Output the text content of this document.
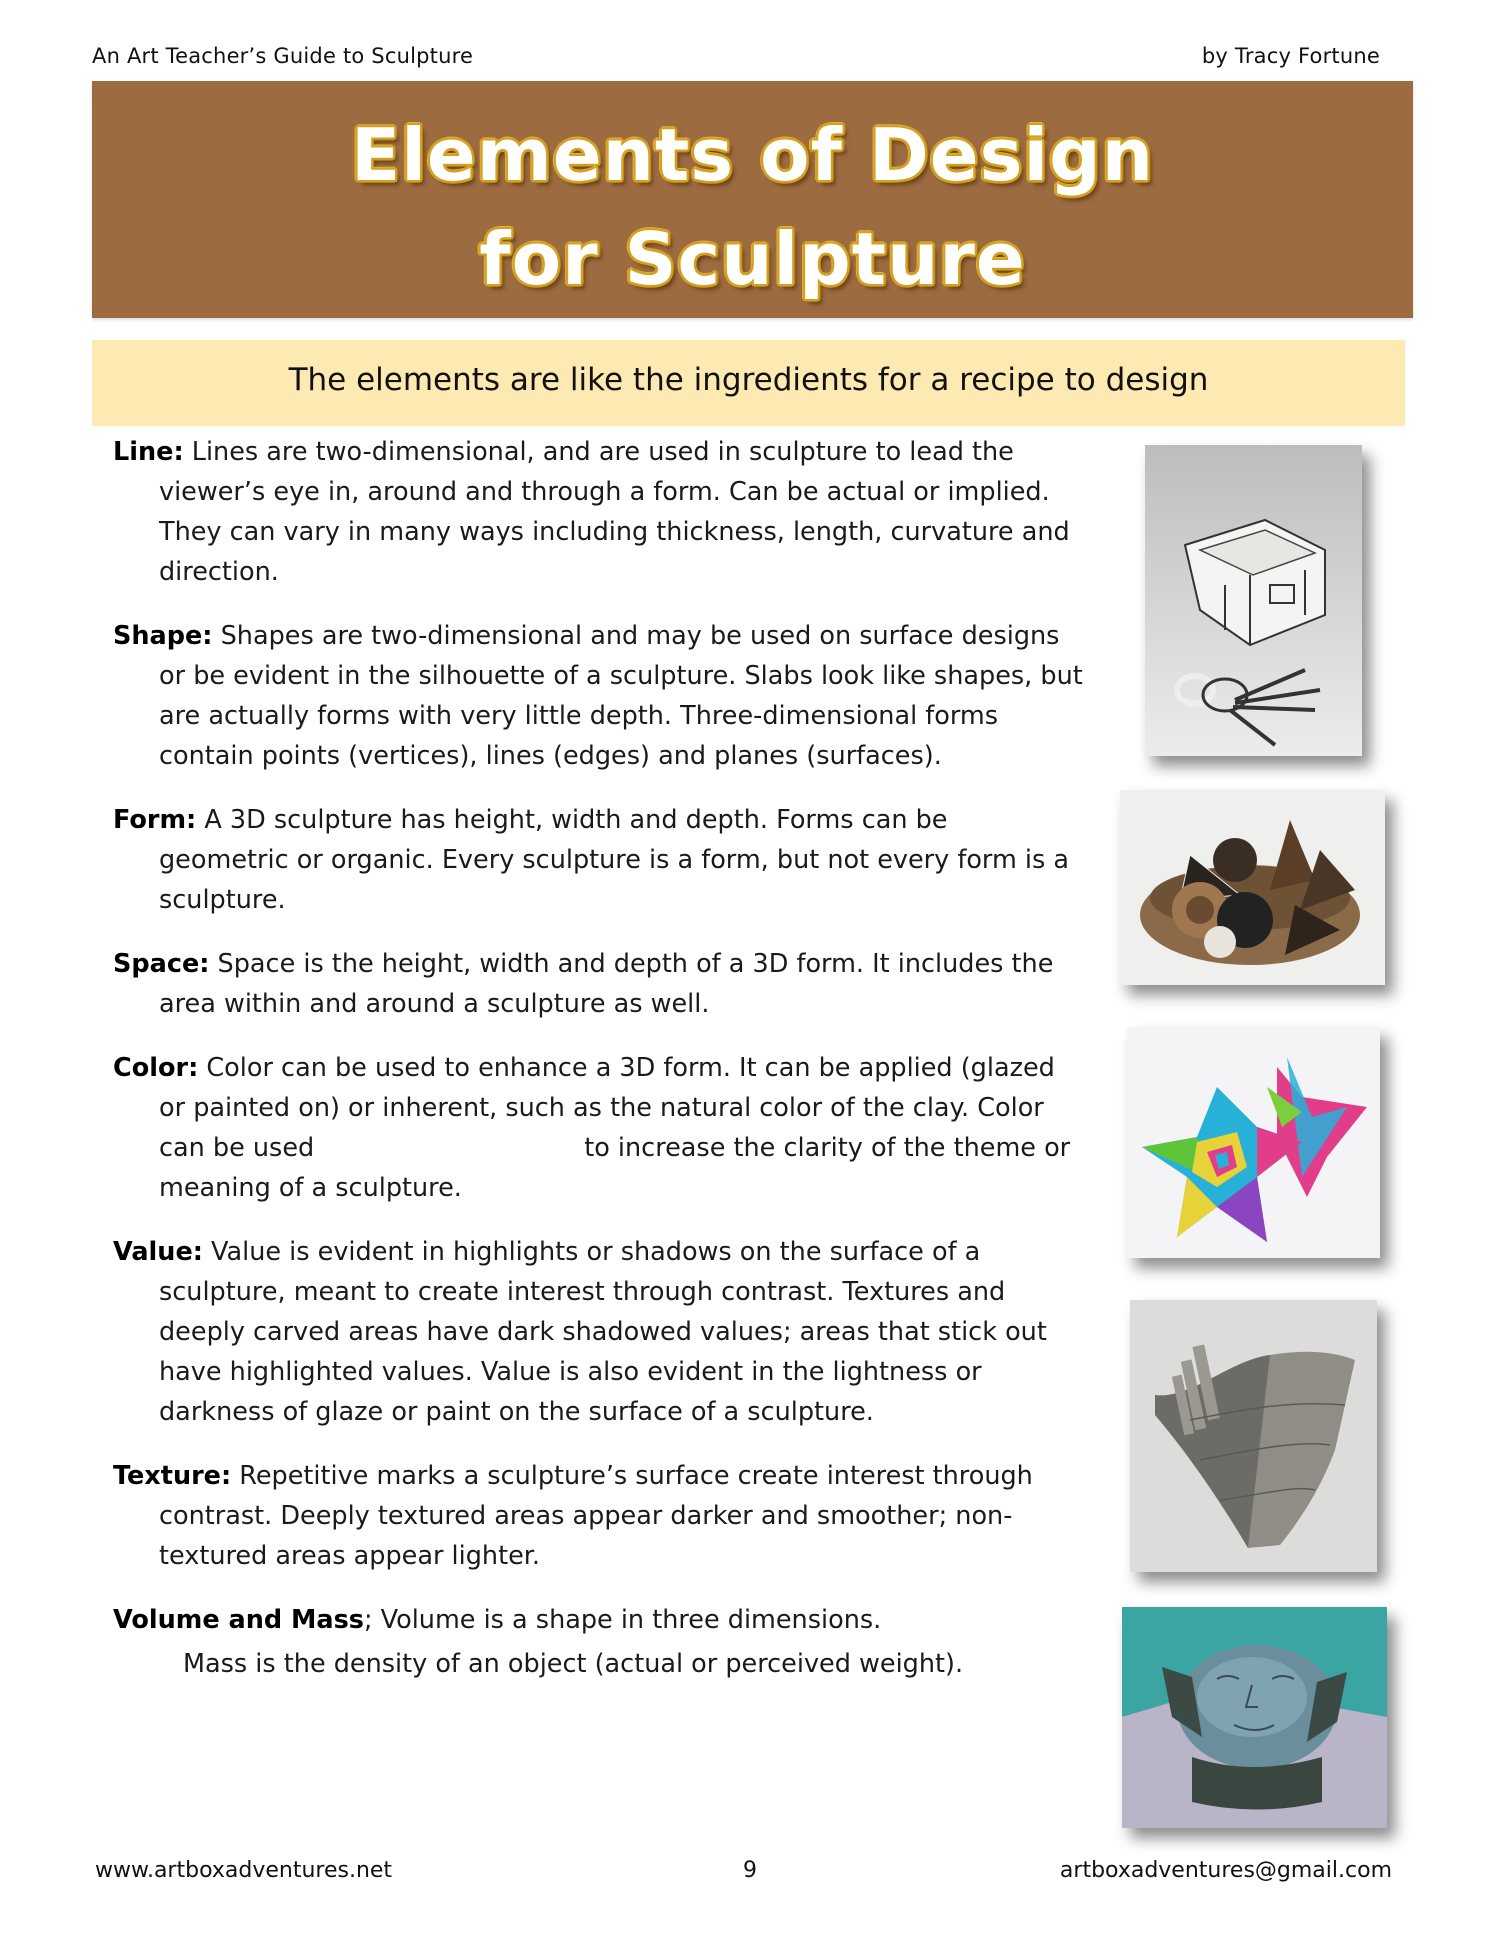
An Art Teacher’s Guide to Sculpture	by Tracy Fortune
Elements of Design
for Sculpture
The elements are like the ingredients for a recipe to design
Line: Lines are two-dimensional, and are used in sculpture to lead the viewer’s eye in, around and through a form. Can be actual or implied. They can vary in many ways including thickness, length, curvature and direction.
Shape: Shapes are two-dimensional and may be used on surface designs or be evident in the silhouette of a sculpture. Slabs look like shapes, but are actually forms with very little depth. Three-dimensional forms contain points (vertices), lines (edges) and planes (surfaces).
Form: A 3D sculpture has height, width and depth. Forms can be geometric or organic. Every sculpture is a form, but not every form is a sculpture.
Space: Space is the height, width and depth of a 3D form. It includes the area within and around a sculpture as well.
Color: Color can be used to enhance a 3D form. It can be applied (glazed or painted on) or inherent, such as the natural color of the clay. Color can be used	to increase the clarity of the theme or meaning of a sculpture.
Value: Value is evident in highlights or shadows on the surface of a sculpture, meant to create interest through contrast. Textures and deeply carved areas have dark shadowed values; areas that stick out have highlighted values. Value is also evident in the lightness or darkness of glaze or paint on the surface of a sculpture.
Texture: Repetitive marks a sculpture’s surface create interest through contrast. Deeply textured areas appear darker and smoother; non-textured areas appear lighter.
Volume and Mass; Volume is a shape in three dimensions.
Mass is the density of an object (actual or perceived weight).
www.artboxadventures.net	9	artboxadventures@gmail.com
